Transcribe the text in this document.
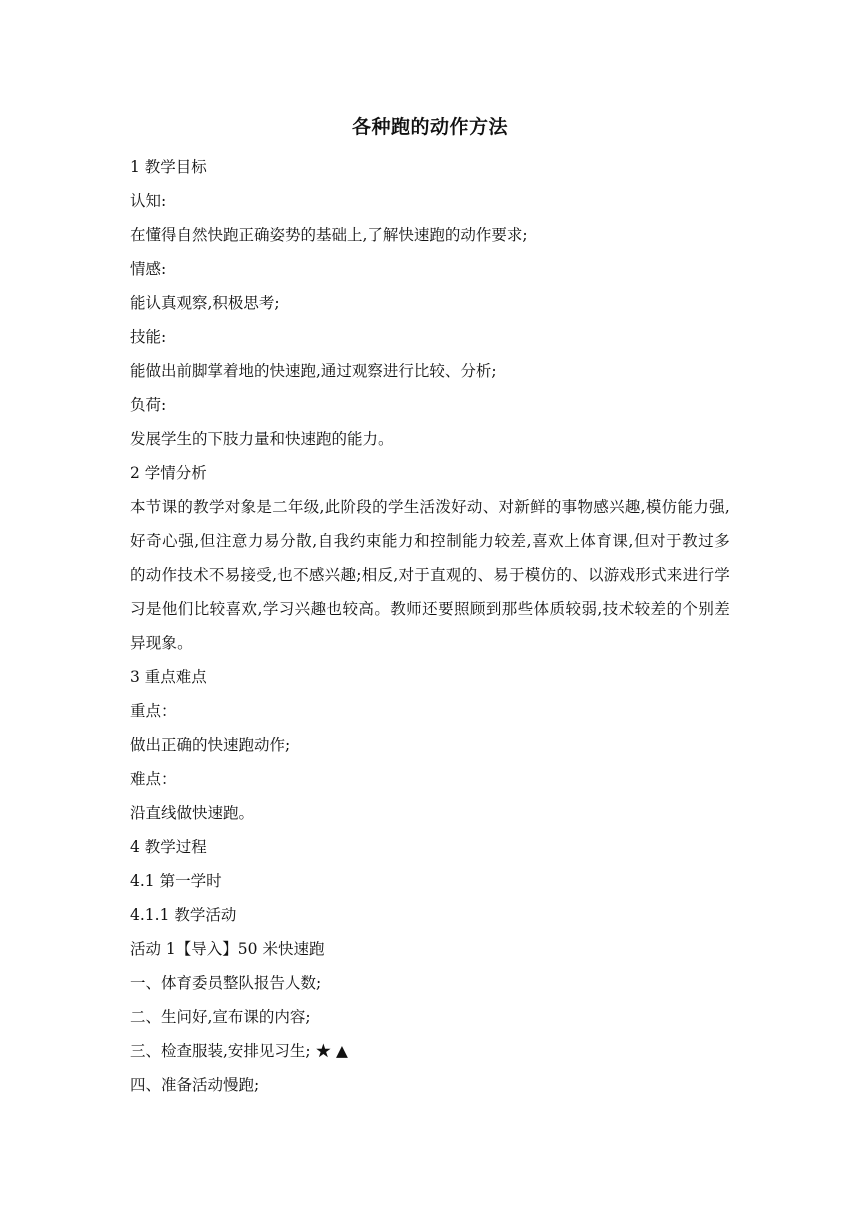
各种跑的动作方法

1 教学目标

认知:

在懂得自然快跑正确姿势的基础上,了解快速跑的动作要求;

情感:

能认真观察,积极思考;

技能:

能做出前脚掌着地的快速跑,通过观察进行比较、分析;

负荷:

发展学生的下肢力量和快速跑的能力。

2 学情分析

本节课的教学对象是二年级,此阶段的学生活泼好动、对新鲜的事物感兴趣,模仿能力强,好奇心强,但注意力易分散,自我约束能力和控制能力较差,喜欢上体育课,但对于教过多的动作技术不易接受,也不感兴趣;相反,对于直观的、易于模仿的、以游戏形式来进行学习是他们比较喜欢,学习兴趣也较高。教师还要照顾到那些体质较弱,技术较差的个别差异现象。

3 重点难点

重点：

做出正确的快速跑动作;

难点：

沿直线做快速跑。

4 教学过程

4.1 第一学时

4.1.1 教学活动

活动 1【导入】50 米快速跑

一、体育委员整队报告人数;

二、生问好,宣布课的内容;

三、检查服装,安排见习生; ★ ▲

四、准备活动慢跑;
